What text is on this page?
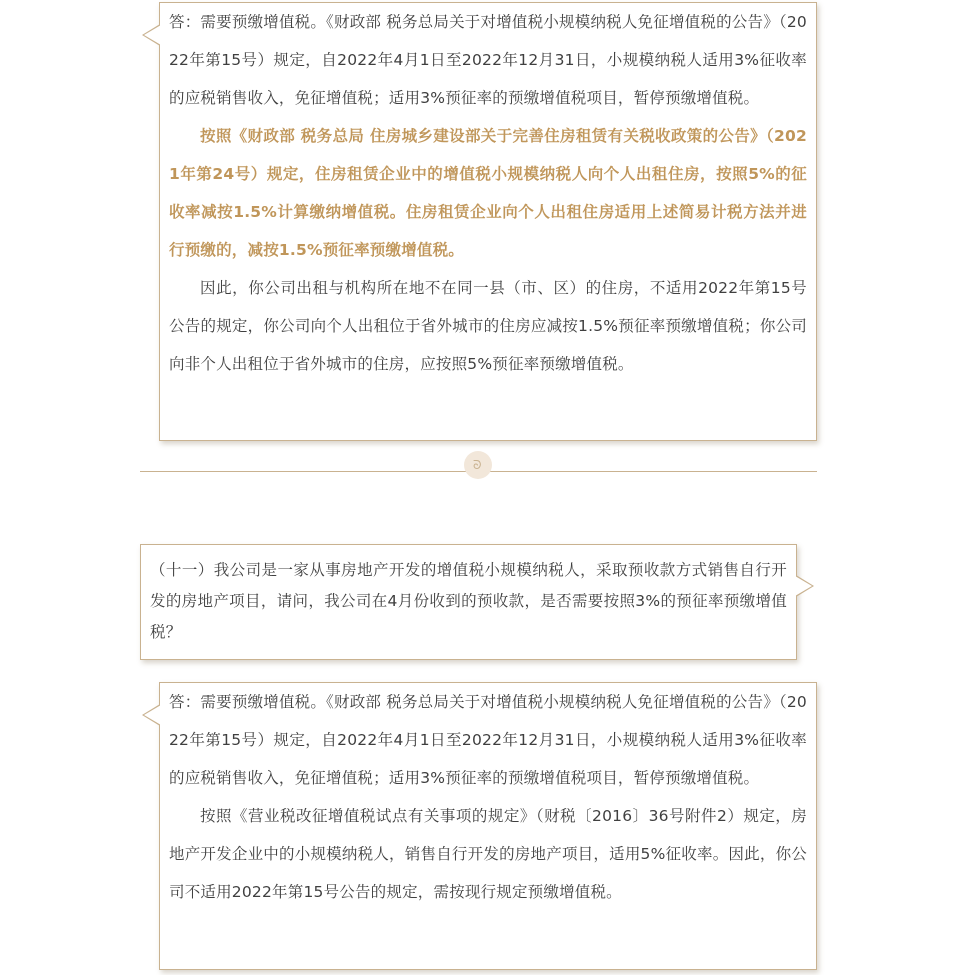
答：需要预缴增值税。《财政部 税务总局关于对增值税小规模纳税人免征增值税的公告》（2022年第15号）规定，自2022年4月1日至2022年12月31日，小规模纳税人适用3%征收率的应税销售收入，免征增值税；适用3%预征率的预缴增值税项目，暂停预缴增值税。

按照《财政部 税务总局 住房城乡建设部关于完善住房租赁有关税收政策的公告》（2021年第24号）规定，住房租赁企业中的增值税小规模纳税人向个人出租住房，按照5%的征收率减按1.5%计算缴纳增值税。住房租赁企业向个人出租住房适用上述简易计税方法并进行预缴的，减按1.5%预征率预缴增值税。

因此，你公司出租与机构所在地不在同一县（市、区）的住房，不适用2022年第15号公告的规定，你公司向个人出租位于省外城市的住房应减按1.5%预征率预缴增值税；你公司向非个人出租位于省外城市的住房，应按照5%预征率预缴增值税。

ᘐ

（十一）我公司是一家从事房地产开发的增值税小规模纳税人，采取预收款方式销售自行开发的房地产项目，请问，我公司在4月份收到的预收款，是否需要按照3%的预征率预缴增值税？

答：需要预缴增值税。《财政部 税务总局关于对增值税小规模纳税人免征增值税的公告》（2022年第15号）规定，自2022年4月1日至2022年12月31日，小规模纳税人适用3%征收率的应税销售收入，免征增值税；适用3%预征率的预缴增值税项目，暂停预缴增值税。

按照《营业税改征增值税试点有关事项的规定》（财税〔2016〕36号附件2）规定，房地产开发企业中的小规模纳税人，销售自行开发的房地产项目，适用5%征收率。因此，你公司不适用2022年第15号公告的规定，需按现行规定预缴增值税。
